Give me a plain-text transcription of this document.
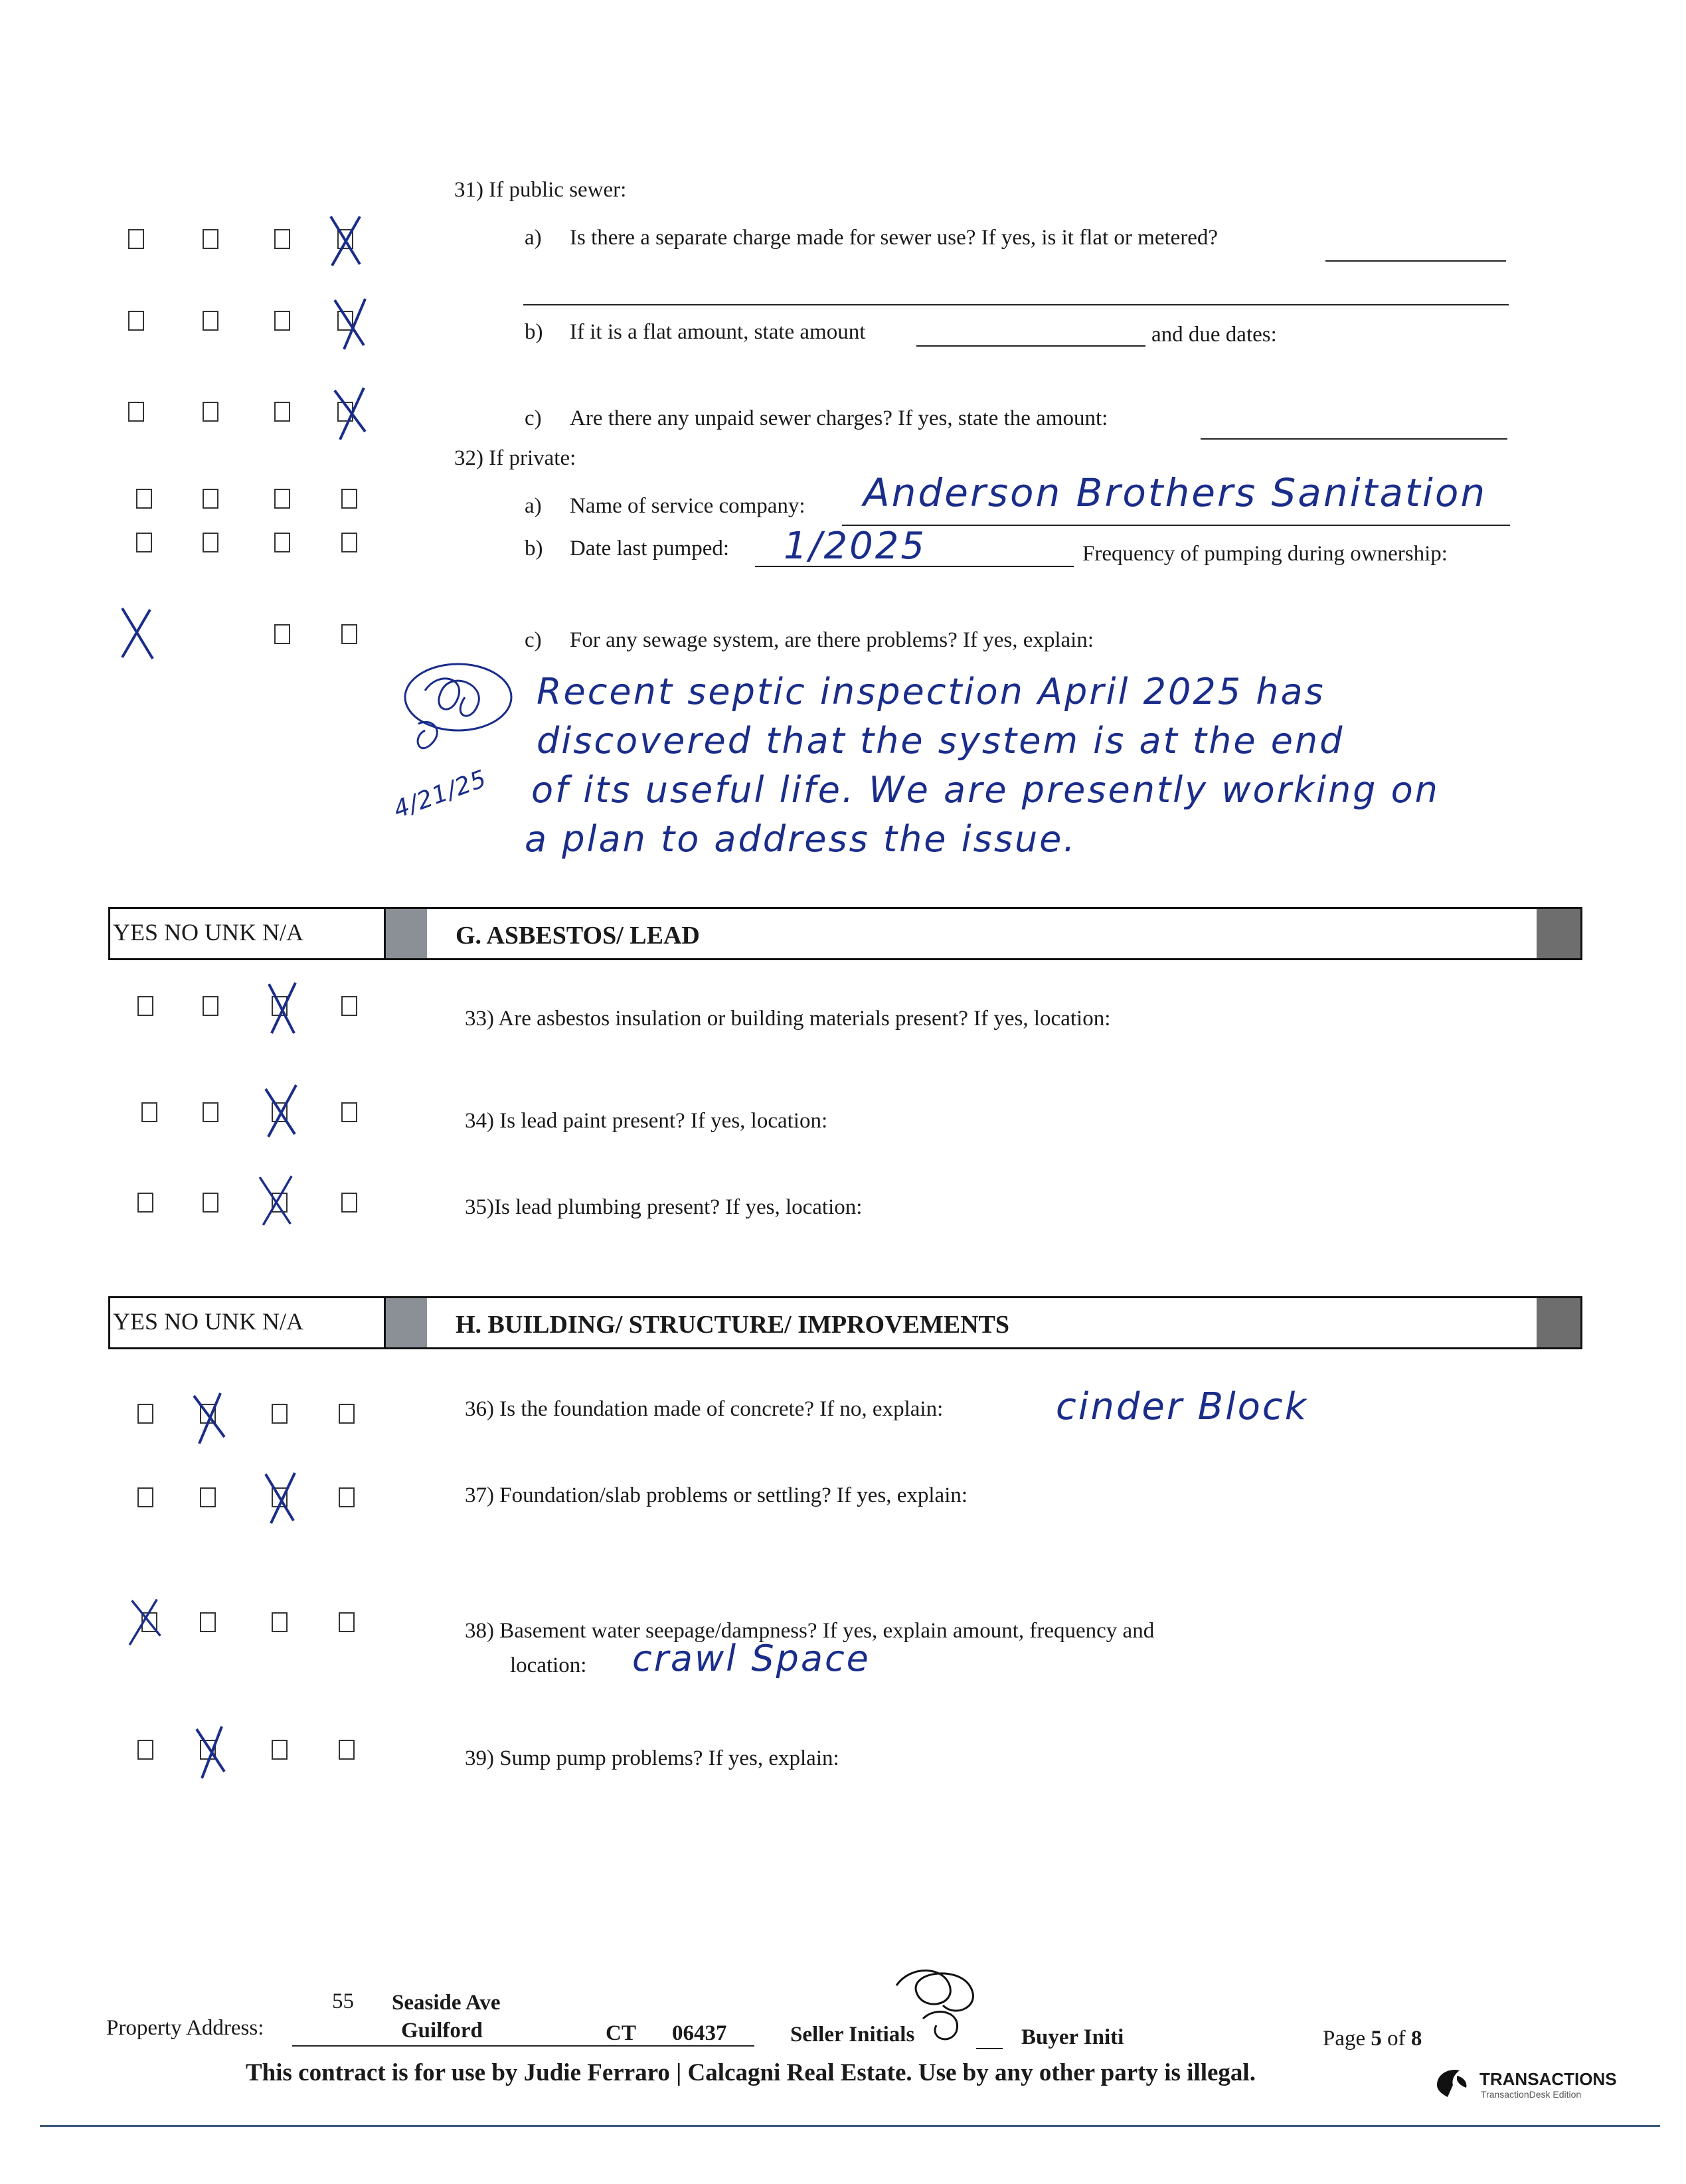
31) If public sewer:
a) Is there a separate charge made for sewer use? If yes, is it flat or metered?
b) If it is a flat amount, state amount	and due dates:
c) Are there any unpaid sewer charges? If yes, state the amount:
32) If private:
a) Name of service company: Anderson Brothers Sanitation
b) Date last pumped: 1/2025	Frequency of pumping during ownership:
c) For any sewage system, are there problems? If yes, explain:
4/21/25
Recent septic inspection April 2025 has
discovered that the system is at the end
of its useful life. We are presently working on
a plan to address the issue.
YES NO UNK N/A	G. ASBESTOS/ LEAD
33) Are asbestos insulation or building materials present? If yes, location:
34) Is lead paint present? If yes, location:
35)Is lead plumbing present? If yes, location:
YES NO UNK N/A	H. BUILDING/ STRUCTURE/ IMPROVEMENTS
36) Is the foundation made of concrete? If no, explain:	cinder Block
37) Foundation/slab problems or settling? If yes, explain:
38) Basement water seepage/dampness? If yes, explain amount, frequency and
location: crawl Space
39) Sump pump problems? If yes, explain:
55 Seaside Ave
Property Address:	Guilford	CT 06437	Seller Initials	Buyer Initi	Page 5 of 8
This contract is for use by Judie Ferraro | Calcagni Real Estate. Use by any other party is illegal.	TRANSACTIONS
TransactionDesk Edition
